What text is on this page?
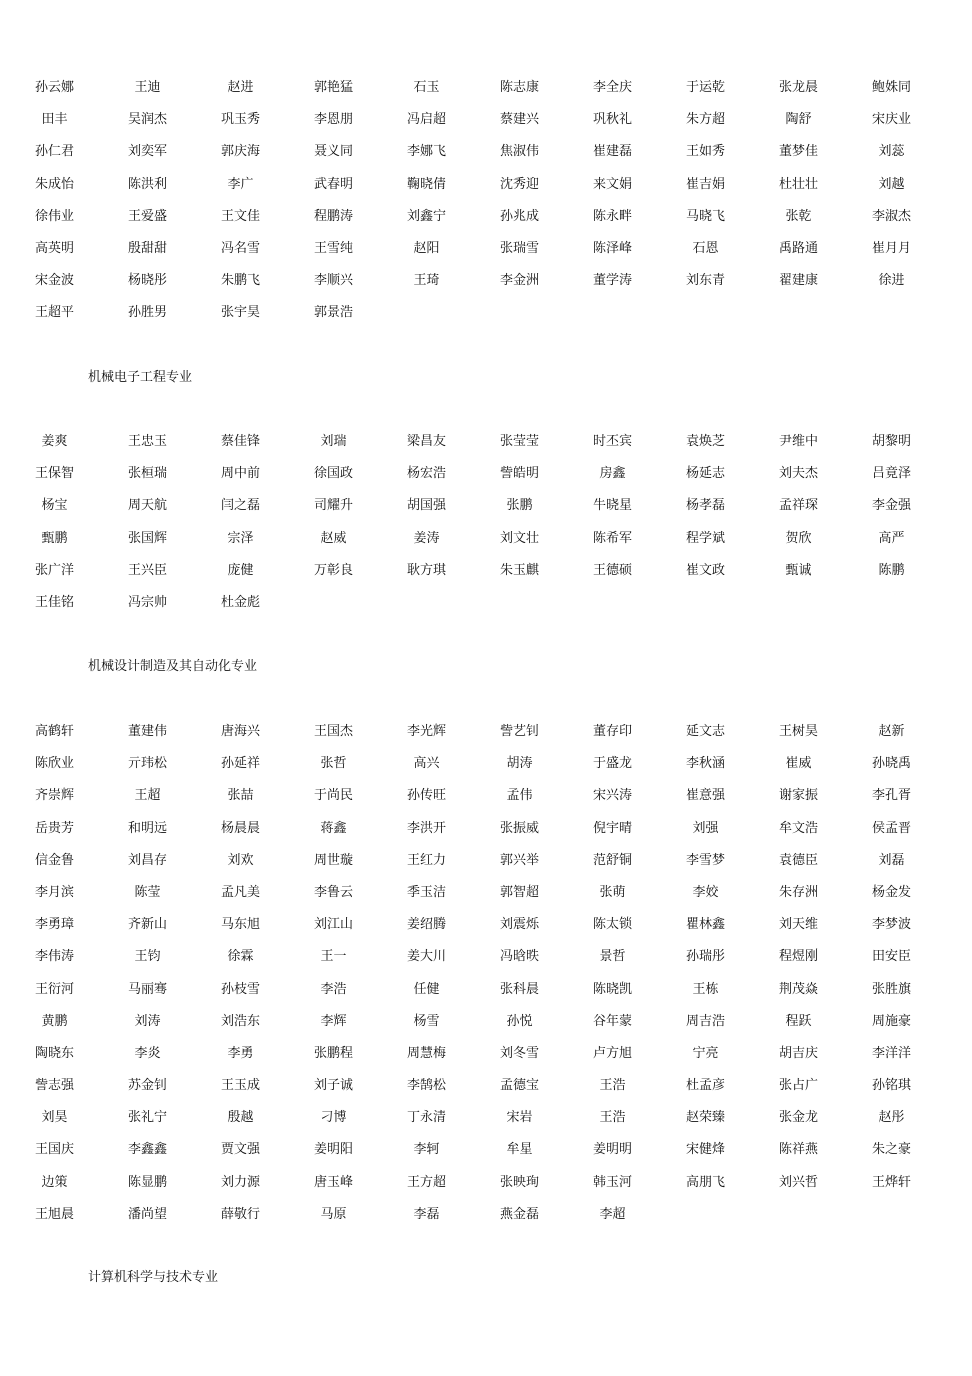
孙云娜	王迪	赵进	郭艳猛	石玉	陈志康	李全庆	于运乾	张龙晨	鲍姝同
田丰	吴润杰	巩玉秀	李恩朋	冯启超	蔡建兴	巩秋礼	朱方超	陶舒	宋庆业
孙仁君	刘奕军	郭庆海	聂义同	李娜飞	焦淑伟	崔建磊	王如秀	董梦佳	刘蕊
朱成怡	陈洪利	李广	武春明	鞠晓倩	沈秀迎	来文娟	崔吉娟	杜壮壮	刘越
徐伟业	王爱盛	王文佳	程鹏涛	刘鑫宁	孙兆成	陈永畔	马晓飞	张乾	李淑杰
高英明	殷甜甜	冯名雪	王雪纯	赵阳	张瑞雪	陈泽峰	石恩	禹路通	崔月月
宋金波	杨晓彤	朱鹏飞	李顺兴	王琦	李金洲	董学涛	刘东青	翟建康	徐进
王超平	孙胜男	张宇昊	郭景浩
机械电子工程专业
姜爽	王忠玉	蔡佳锋	刘瑞	梁昌友	张莹莹	时丕宾	袁焕芝	尹维中	胡黎明
王保智	张桓瑞	周中前	徐国政	杨宏浩	訾皓明	房鑫	杨延志	刘夫杰	吕竟泽
杨宝	周天航	闫之磊	司耀升	胡国强	张鹏	牛晓星	杨孝磊	孟祥琛	李金强
甄鹏	张国辉	宗泽	赵威	姜涛	刘文壮	陈希军	程学斌	贺欣	高严
张广洋	王兴臣	庞健	万彰良	耿方琪	朱玉麒	王德硕	崔文政	甄诚	陈鹏
王佳铭	冯宗帅	杜金彪
机械设计制造及其自动化专业
高鹤轩	董建伟	唐海兴	王国杰	李光辉	訾艺钊	董存印	延文志	王树昊	赵新
陈欣业	亓玮松	孙延祥	张哲	高兴	胡涛	于盛龙	李秋涵	崔威	孙晓禹
齐崇辉	王超	张喆	于尚民	孙传旺	孟伟	宋兴涛	崔意强	谢家振	李孔胥
岳贵芳	和明远	杨晨晨	蒋鑫	李洪开	张振威	倪宇晴	刘强	牟文浩	侯孟晋
信金鲁	刘昌存	刘欢	周世璇	王红力	郭兴举	范舒铜	李雪梦	袁德臣	刘磊
李月滨	陈莹	孟凡美	李鲁云	季玉洁	郭智超	张萌	李姣	朱存洲	杨金发
李勇璋	齐新山	马东旭	刘江山	姜绍腾	刘震烁	陈太锁	瞿林鑫	刘天维	李梦波
李伟涛	王钧	徐霖	王一	姜大川	冯晗昳	景哲	孙瑞彤	程煜刚	田安臣
王衍河	马丽骞	孙枝雪	李浩	任健	张科晨	陈晓凯	王栋	荆茂焱	张胜旗
黄鹏	刘涛	刘浩东	李辉	杨雪	孙悦	谷年蒙	周吉浩	程跃	周施豪
陶晓东	李炎	李勇	张鹏程	周慧梅	刘冬雪	卢方旭	宁亮	胡吉庆	李洋洋
訾志强	苏金钊	王玉成	刘子诚	李鹄松	孟德宝	王浩	杜孟彦	张占广	孙铭琪
刘昊	张礼宁	殷越	刁博	丁永清	宋岩	王浩	赵荣臻	张金龙	赵彤
王国庆	李鑫鑫	贾文强	姜明阳	李轲	牟星	姜明明	宋健烽	陈祥燕	朱之豪
边策	陈显鹏	刘力源	唐玉峰	王方超	张映珣	韩玉河	高朋飞	刘兴哲	王烨轩
王旭晨	潘尚望	薛敬行	马原	李磊	燕金磊	李超
计算机科学与技术专业
